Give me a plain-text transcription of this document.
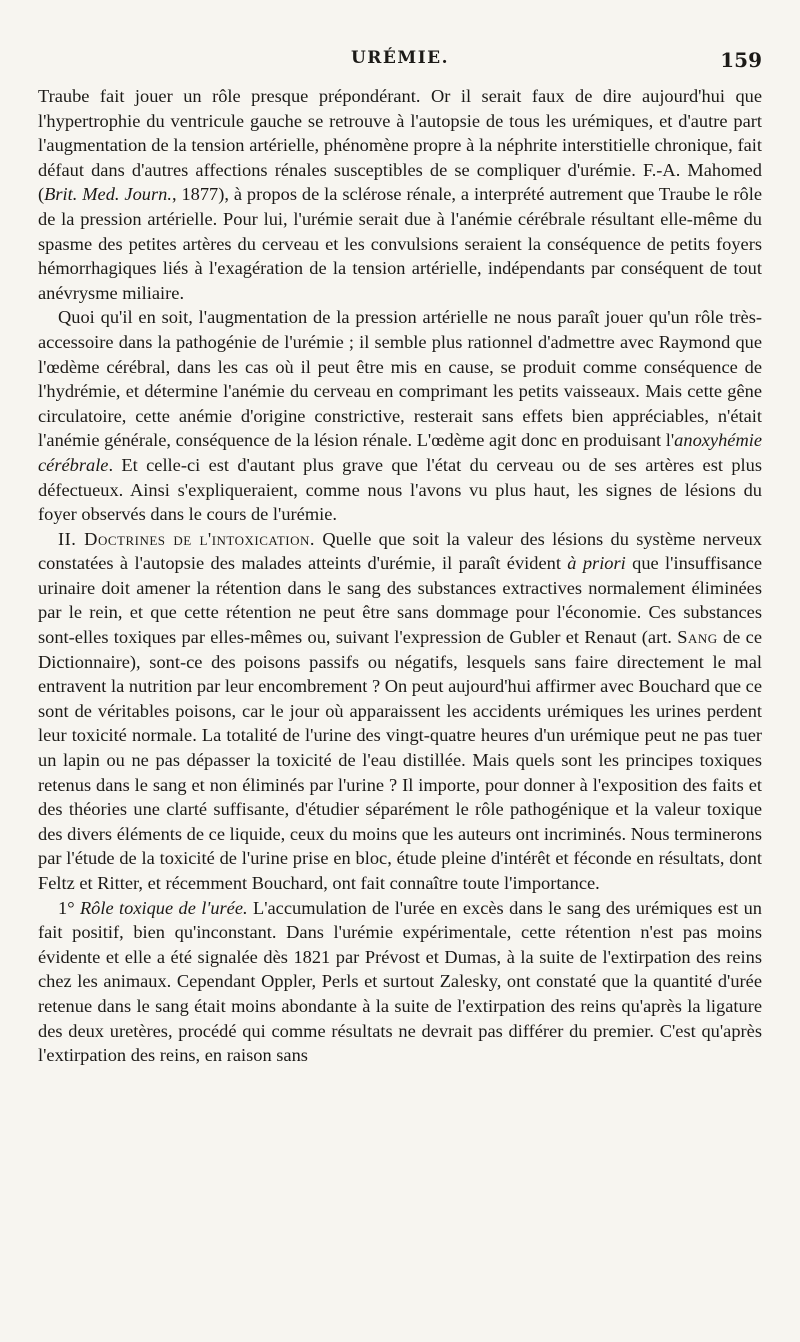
URÉMIE.	159

Traube fait jouer un rôle presque prépondérant. Or il serait faux de dire aujourd'hui que l'hypertrophie du ventricule gauche se retrouve à l'autopsie de tous les urémiques, et d'autre part l'augmentation de la tension artérielle, phénomène propre à la néphrite interstitielle chronique, fait défaut dans d'autres affections rénales susceptibles de se compliquer d'urémie. F.-A. Mahomed (Brit. Med. Journ., 1877), à propos de la sclérose rénale, a interprété autrement que Traube le rôle de la pression artérielle. Pour lui, l'urémie serait due à l'anémie cérébrale résultant elle-même du spasme des petites artères du cerveau et les convulsions seraient la conséquence de petits foyers hémorrhagiques liés à l'exagération de la tension artérielle, indépendants par conséquent de tout anévrysme miliaire.

Quoi qu'il en soit, l'augmentation de la pression artérielle ne nous paraît jouer qu'un rôle très-accessoire dans la pathogénie de l'urémie ; il semble plus rationnel d'admettre avec Raymond que l'œdème cérébral, dans les cas où il peut être mis en cause, se produit comme conséquence de l'hydrémie, et détermine l'anémie du cerveau en comprimant les petits vaisseaux. Mais cette gêne circulatoire, cette anémie d'origine constrictive, resterait sans effets bien appréciables, n'était l'anémie générale, conséquence de la lésion rénale. L'œdème agit donc en produisant l'anoxyhémie cérébrale. Et celle-ci est d'autant plus grave que l'état du cerveau ou de ses artères est plus défectueux. Ainsi s'expliqueraient, comme nous l'avons vu plus haut, les signes de lésions du foyer observés dans le cours de l'urémie.

II. Doctrines de l'intoxication. Quelle que soit la valeur des lésions du système nerveux constatées à l'autopsie des malades atteints d'urémie, il paraît évident à priori que l'insuffisance urinaire doit amener la rétention dans le sang des substances extractives normalement éliminées par le rein, et que cette rétention ne peut être sans dommage pour l'économie. Ces substances sont-elles toxiques par elles-mêmes ou, suivant l'expression de Gubler et Renaut (art. Sang de ce Dictionnaire), sont-ce des poisons passifs ou négatifs, lesquels sans faire directement le mal entravent la nutrition par leur encombrement ? On peut aujourd'hui affirmer avec Bouchard que ce sont de véritables poisons, car le jour où apparaissent les accidents urémiques les urines perdent leur toxicité normale. La totalité de l'urine des vingt-quatre heures d'un urémique peut ne pas tuer un lapin ou ne pas dépasser la toxicité de l'eau distillée. Mais quels sont les principes toxiques retenus dans le sang et non éliminés par l'urine ? Il importe, pour donner à l'exposition des faits et des théories une clarté suffisante, d'étudier séparément le rôle pathogénique et la valeur toxique des divers éléments de ce liquide, ceux du moins que les auteurs ont incriminés. Nous terminerons par l'étude de la toxicité de l'urine prise en bloc, étude pleine d'intérêt et féconde en résultats, dont Feltz et Ritter, et récemment Bouchard, ont fait connaître toute l'importance.

1° Rôle toxique de l'urée. L'accumulation de l'urée en excès dans le sang des urémiques est un fait positif, bien qu'inconstant. Dans l'urémie expérimentale, cette rétention n'est pas moins évidente et elle a été signalée dès 1821 par Prévost et Dumas, à la suite de l'extirpation des reins chez les animaux. Cependant Oppler, Perls et surtout Zalesky, ont constaté que la quantité d'urée retenue dans le sang était moins abondante à la suite de l'extirpation des reins qu'après la ligature des deux uretères, procédé qui comme résultats ne devrait pas différer du premier. C'est qu'après l'extirpation des reins, en raison sans
